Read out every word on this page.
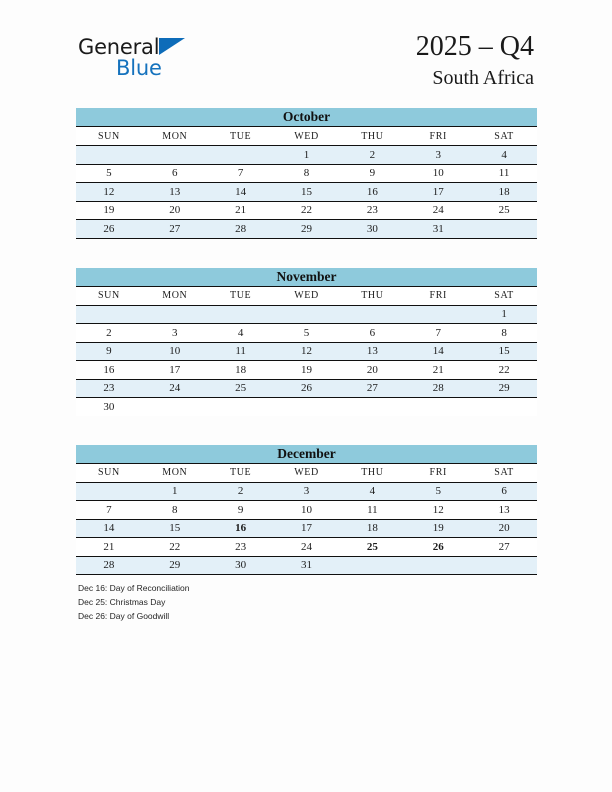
General
Blue
2025 – Q4
South Africa
October
SUN	MON	TUE	WED	THU	FRI	SAT
			1	2	3	4
5	6	7	8	9	10	11
12	13	14	15	16	17	18
19	20	21	22	23	24	25
26	27	28	29	30	31	
November
SUN	MON	TUE	WED	THU	FRI	SAT
						1
2	3	4	5	6	7	8
9	10	11	12	13	14	15
16	17	18	19	20	21	22
23	24	25	26	27	28	29
30						
December
SUN	MON	TUE	WED	THU	FRI	SAT
	1	2	3	4	5	6
7	8	9	10	11	12	13
14	15	16	17	18	19	20
21	22	23	24	25	26	27
28	29	30	31			
Dec 16: Day of Reconciliation
Dec 25: Christmas Day
Dec 26: Day of Goodwill
